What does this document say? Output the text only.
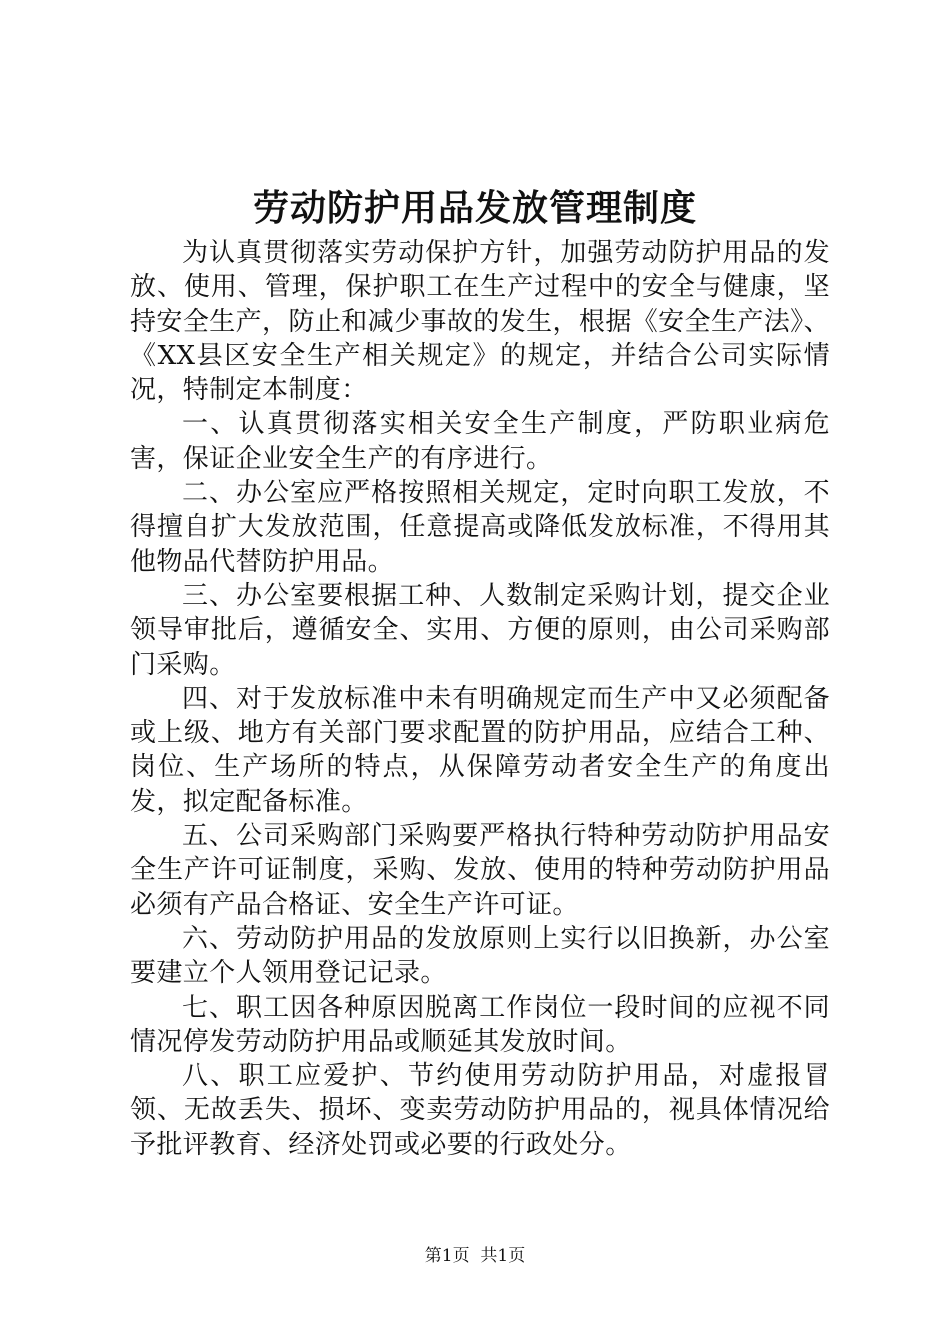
劳动防护用品发放管理制度

为认真贯彻落实劳动保护方针，加强劳动防护用品的发放、使用、管理，保护职工在生产过程中的安全与健康，坚持安全生产，防止和减少事故的发生，根据《安全生产法》、《XX县区安全生产相关规定》的规定，并结合公司实际情况，特制定本制度：

一、认真贯彻落实相关安全生产制度，严防职业病危害，保证企业安全生产的有序进行。

二、办公室应严格按照相关规定，定时向职工发放，不得擅自扩大发放范围，任意提高或降低发放标准，不得用其他物品代替防护用品。

三、办公室要根据工种、人数制定采购计划，提交企业领导审批后，遵循安全、实用、方便的原则，由公司采购部门采购。

四、对于发放标准中未有明确规定而生产中又必须配备或上级、地方有关部门要求配置的防护用品，应结合工种、岗位、生产场所的特点，从保障劳动者安全生产的角度出发，拟定配备标准。

五、公司采购部门采购要严格执行特种劳动防护用品安全生产许可证制度，采购、发放、使用的特种劳动防护用品必须有产品合格证、安全生产许可证。

六、劳动防护用品的发放原则上实行以旧换新，办公室要建立个人领用登记记录。

七、职工因各种原因脱离工作岗位一段时间的应视不同情况停发劳动防护用品或顺延其发放时间。

八、职工应爱护、节约使用劳动防护用品，对虚报冒领、无故丢失、损坏、变卖劳动防护用品的，视具体情况给予批评教育、经济处罚或必要的行政处分。

第1页 共1页
